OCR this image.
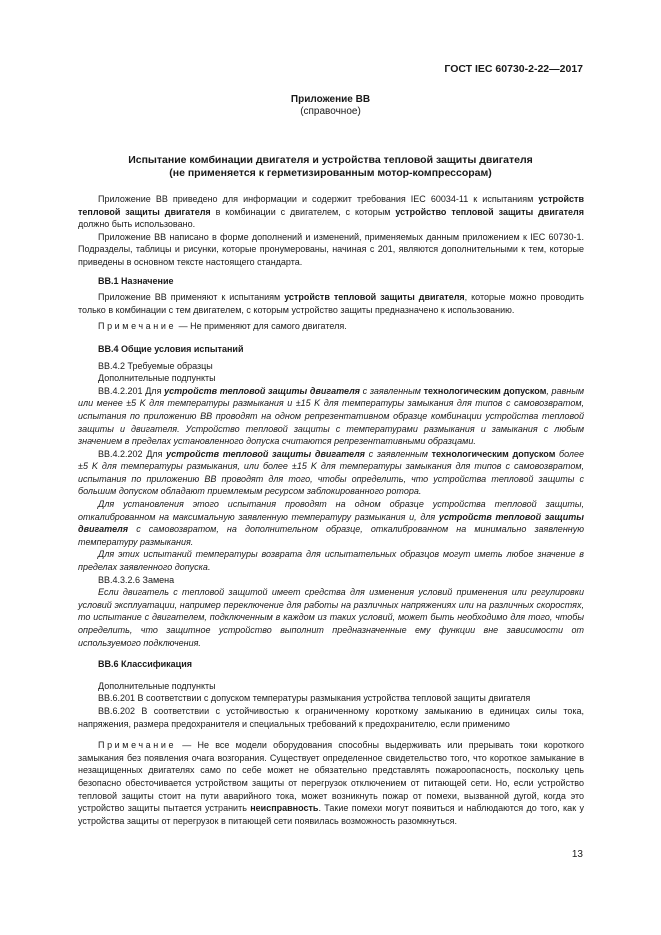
ГОСТ IEC 60730-2-22—2017
Приложение ВВ
(справочное)
Испытание комбинации двигателя и устройства тепловой защиты двигателя
(не применяется к герметизированным мотор-компрессорам)

Приложение ВВ приведено для информации и содержит требования IEC 60034-11 к испытаниям устройств тепловой защиты двигателя в комбинации с двигателем, с которым устройство тепловой защиты двигателя должно быть использовано.

Приложение ВВ написано в форме дополнений и изменений, применяемых данным приложением к IEC 60730-1. Подразделы, таблицы и рисунки, которые пронумерованы, начиная с 201, являются дополнительными к тем, которые приведены в основном тексте настоящего стандарта.

ВВ.1 Назначение

Приложение ВВ применяют к испытаниям устройств тепловой защиты двигателя, которые можно проводить только в комбинации с тем двигателем, с которым устройство защиты предназначено к использованию.

Примечание — Не применяют для самого двигателя.

ВВ.4 Общие условия испытаний

ВВ.4.2 Требуемые образцы

Дополнительные подпункты

ВВ.4.2.201 Для устройств тепловой защиты двигателя с заявленным технологическим допуском, равным или менее ±5 K для температуры размыкания и ±15 K для температуры замыкания для типов с самовозвратом, испытания по приложению ВВ проводят на одном репрезентативном образце комбинации устройства тепловой защиты и двигателя. Устройство тепловой защиты с температурами размыкания и замыкания с любым значением в пределах установленного допуска считаются репрезентативными образцами.

ВВ.4.2.202 Для устройств тепловой защиты двигателя с заявленным технологическим допуском более ±5 K для температуры размыкания, или более ±15 K для температуры замыкания для типов с самовозвратом, испытания по приложению ВВ проводят для того, чтобы определить, что устройства тепловой защиты с большим допуском обладают приемлемым ресурсом заблокированного ротора.

Для установления этого испытания проводят на одном образце устройства тепловой защиты, откалиброванном на максимальную заявленную температуру размыкания и, для устройств тепловой защиты двигателя с самовозвратом, на дополнительном образце, откалиброванном на минимально заявленную температуру размыкания.

Для этих испытаний температуры возврата для испытательных образцов могут иметь любое значение в пределах заявленного допуска.

ВВ.4.3.2.6 Замена

Если двигатель с тепловой защитой имеет средства для изменения условий применения или регулировки условий эксплуатации, например переключение для работы на различных напряжениях или на различных скоростях, то испытание с двигателем, подключенным в каждом из таких условий, может быть необходимо для того, чтобы определить, что защитное устройство выполнит предназначенные ему функции вне зависимости от используемого подключения.

ВВ.6 Классификация

Дополнительные подпункты

ВВ.6.201 В соответствии с допуском температуры размыкания устройства тепловой защиты двигателя

ВВ.6.202 В соответствии с устойчивостью к ограниченному короткому замыканию в единицах силы тока, напряжения, размера предохранителя и специальных требований к предохранителю, если применимо

Примечание — Не все модели оборудования способны выдерживать или прерывать токи короткого замыкания без появления очага возгорания. Существует определенное свидетельство того, что короткое замыкание в незащищенных двигателях само по себе может не обязательно представлять пожароопасность, поскольку цепь безопасно обесточивается устройством защиты от перегрузок отключением от питающей сети. Но, если устройство тепловой защиты стоит на пути аварийного тока, может возникнуть пожар от помехи, вызванной дугой, когда это устройство защиты пытается устранить неисправность. Такие помехи могут появиться и наблюдаются до того, как у устройства защиты от перегрузок в питающей сети появилась возможность разомкнуться.

13
